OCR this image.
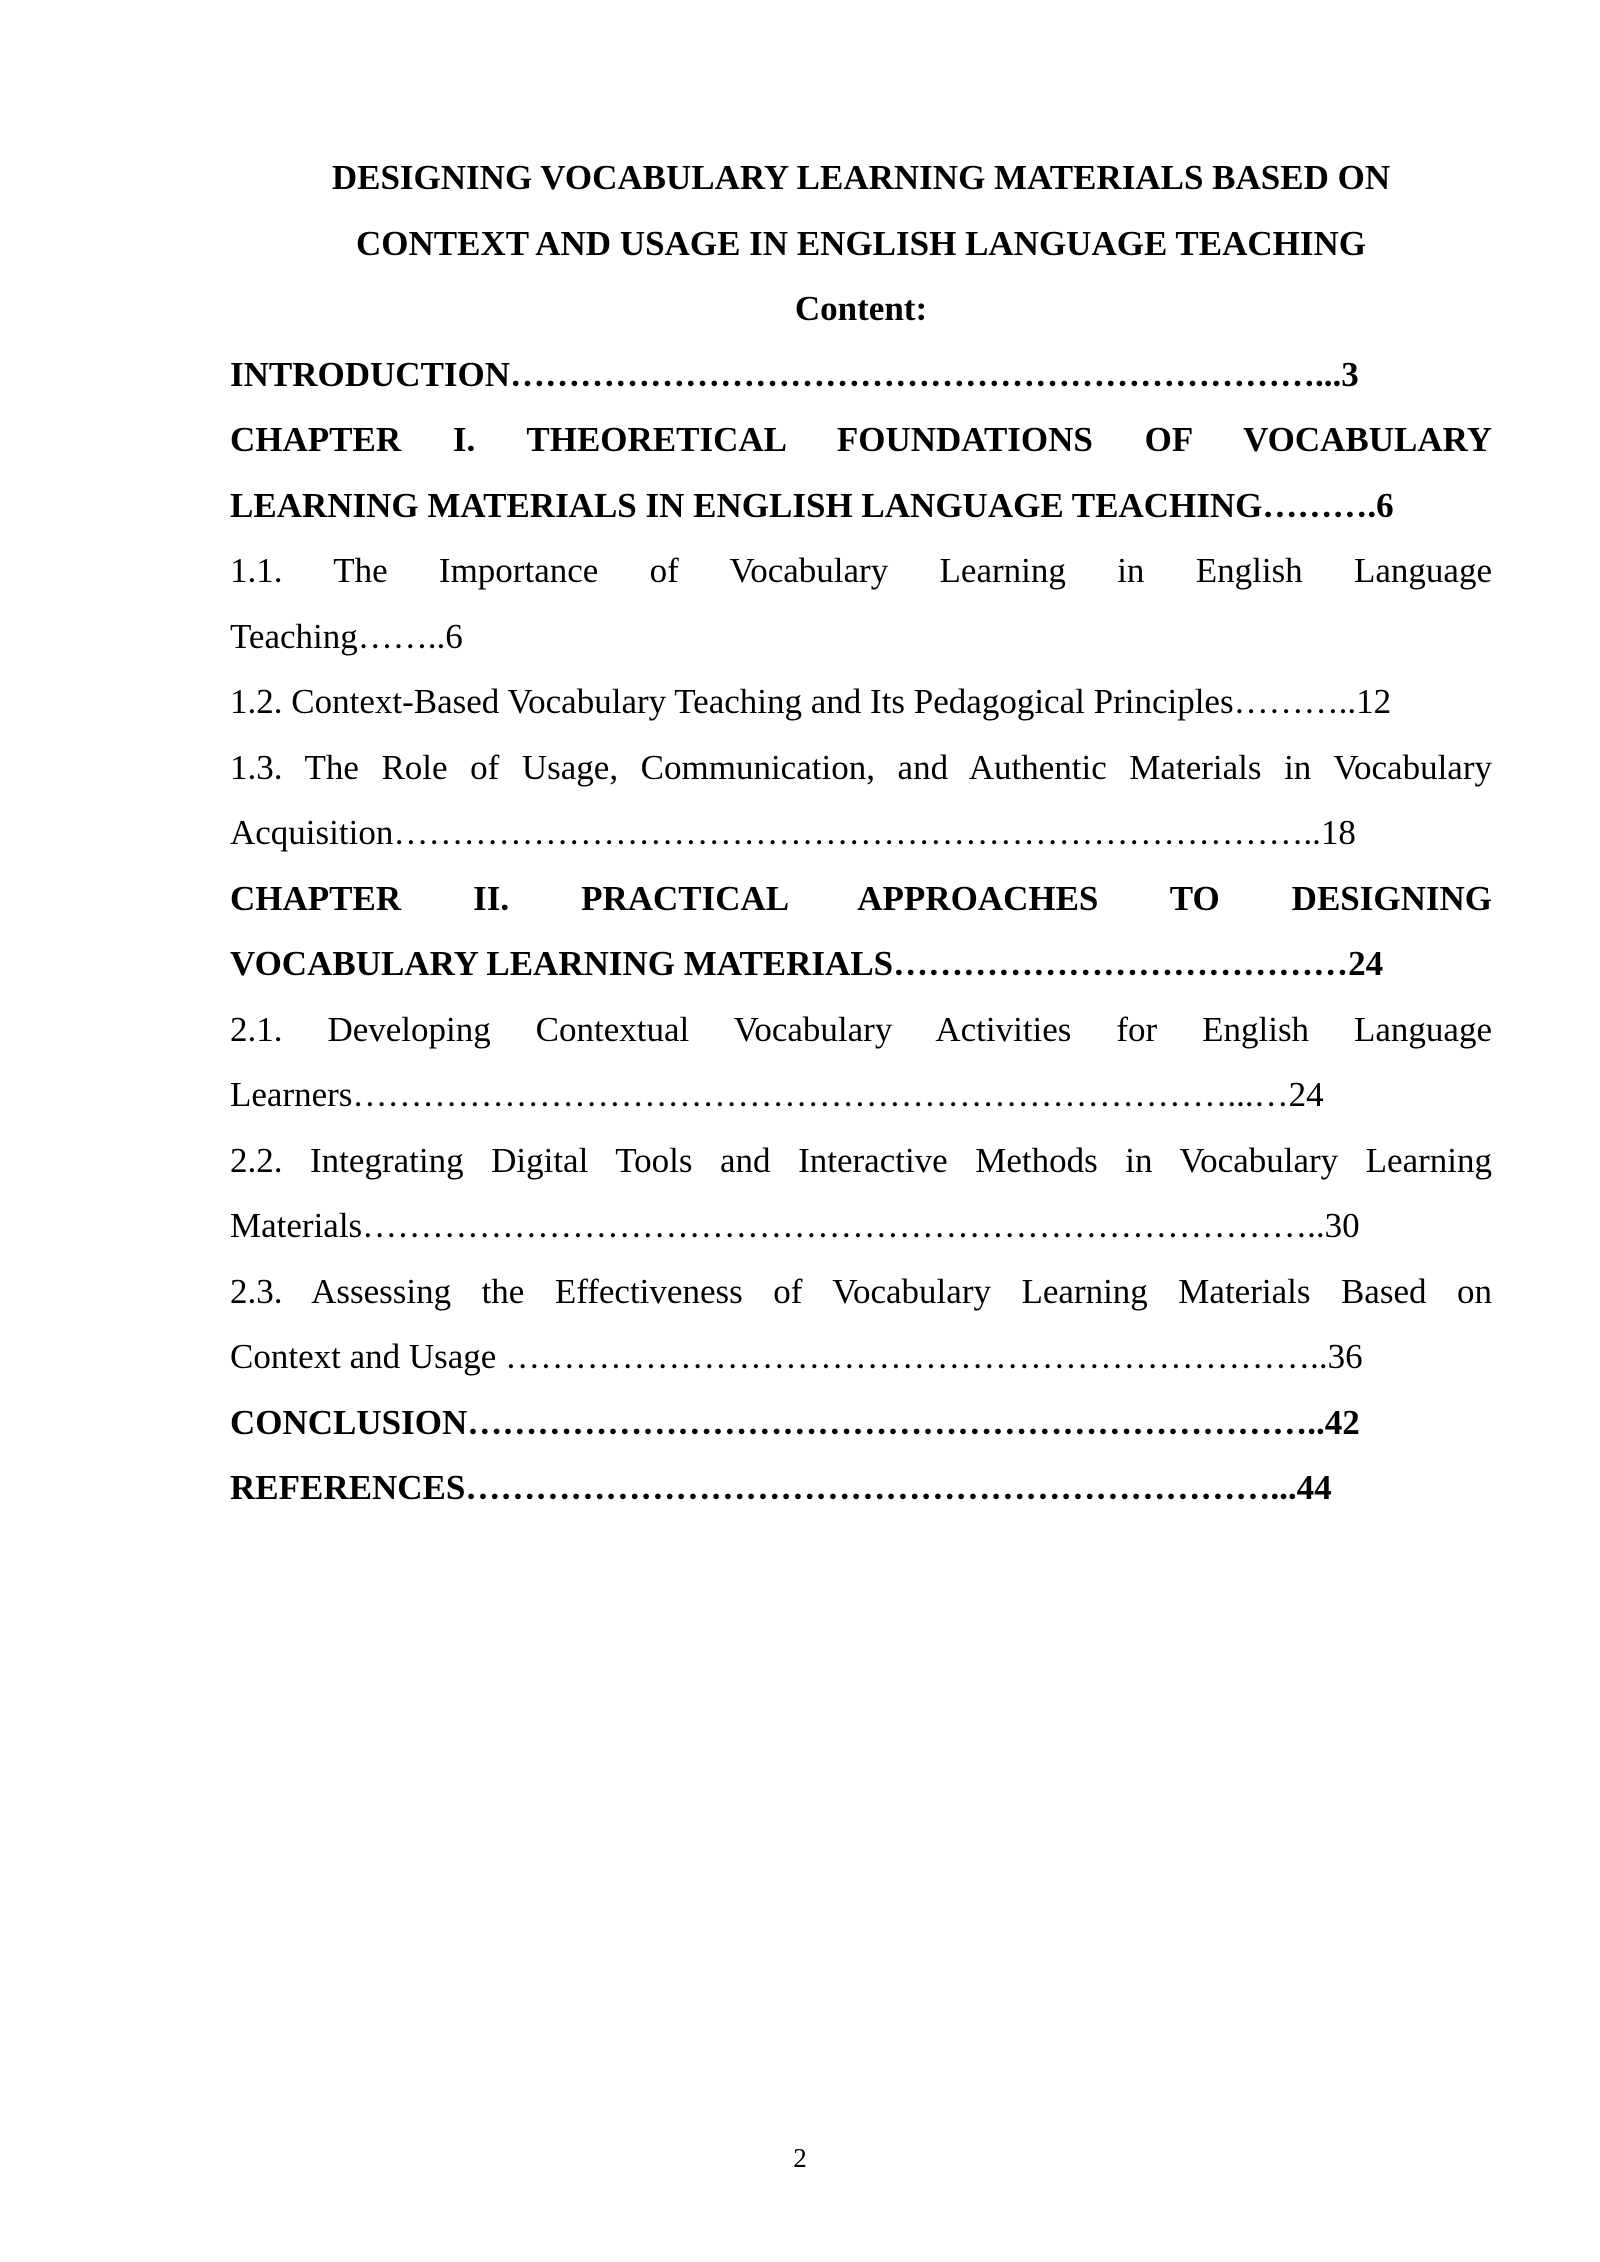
DESIGNING VOCABULARY LEARNING MATERIALS BASED ON

CONTEXT AND USAGE IN ENGLISH LANGUAGE TEACHING

Content:

INTRODUCTION……………………………………………………………...3

CHAPTER I. THEORETICAL FOUNDATIONS OF VOCABULARY
LEARNING MATERIALS IN ENGLISH LANGUAGE TEACHING……….6

1.1. The Importance of Vocabulary Learning in English Language
Teaching……..6

1.2. Context-Based Vocabulary Teaching and Its Pedagogical Principles………..12

1.3. The Role of Usage, Communication, and Authentic Materials in Vocabulary
Acquisition……………………………………………………………………..18

CHAPTER II. PRACTICAL APPROACHES TO DESIGNING
VOCABULARY LEARNING MATERIALS…………………………………24

2.1. Developing Contextual Vocabulary Activities for English Language
Learners…………………………………………………………………...…24

2.2. Integrating Digital Tools and Interactive Methods in Vocabulary Learning
Materials………………………………………………………………………..30

2.3. Assessing the Effectiveness of Vocabulary Learning Materials Based on
Context and Usage ……………………………………………………………..36

CONCLUSION………………………………………………………………..42

REFERENCES……………………………………………………………...44

2
